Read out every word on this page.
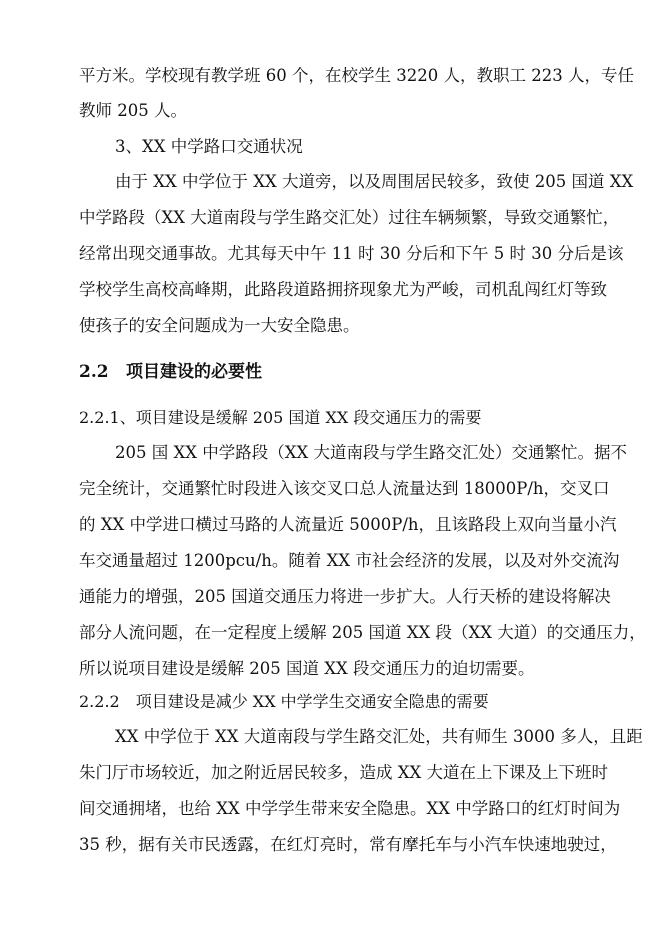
平方米。学校现有教学班 60 个，在校学生 3220 人，教职工 223 人，专任
教师 205 人。
3、XX 中学路口交通状况
由于 XX 中学位于 XX 大道旁，以及周围居民较多，致使 205 国道 XX
中学路段（XX 大道南段与学生路交汇处）过往车辆频繁，导致交通繁忙，
经常出现交通事故。尤其每天中午 11 时 30 分后和下午 5 时 30 分后是该
学校学生高校高峰期，此路段道路拥挤现象尤为严峻，司机乱闯红灯等致
使孩子的安全问题成为一大安全隐患。
2.2 项目建设的必要性
2.2.1、项目建设是缓解 205 国道 XX 段交通压力的需要
205 国 XX 中学路段（XX 大道南段与学生路交汇处）交通繁忙。据不
完全统计，交通繁忙时段进入该交叉口总人流量达到 18000P/h，交叉口
的 XX 中学进口横过马路的人流量近 5000P/h，且该路段上双向当量小汽
车交通量超过 1200pcu/h。随着 XX 市社会经济的发展，以及对外交流沟
通能力的增强，205 国道交通压力将进一步扩大。人行天桥的建设将解决
部分人流问题，在一定程度上缓解 205 国道 XX 段（XX 大道）的交通压力，
所以说项目建设是缓解 205 国道 XX 段交通压力的迫切需要。
2.2.2　项目建设是减少 XX 中学学生交通安全隐患的需要
XX 中学位于 XX 大道南段与学生路交汇处，共有师生 3000 多人，且距
朱门厅市场较近，加之附近居民较多，造成 XX 大道在上下课及上下班时
间交通拥堵，也给 XX 中学学生带来安全隐患。XX 中学路口的红灯时间为
35 秒，据有关市民透露，在红灯亮时，常有摩托车与小汽车快速地驶过，
